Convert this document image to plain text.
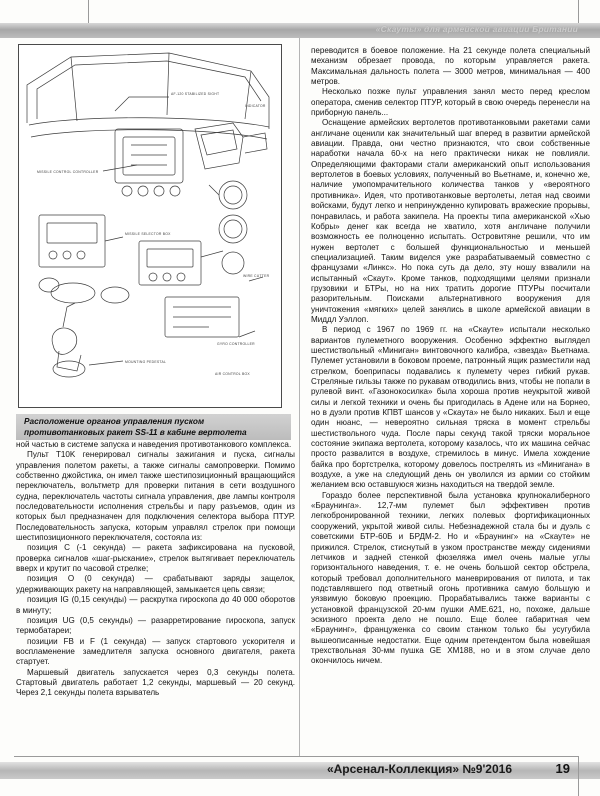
«Скауты» для армейской авиации Британии
AF-120 STABILIZED SIGHT
MISSILE CONTROL CONTROLLER
MISSILE SELECTOR BOX
INDICATOR
WIRE CUTTER
GYRO CONTROLLER
AIR CONTROL BOX
MOUNTING PEDESTAL
Расположение органов управления пуском
противотанковых ракет SS-11 в кабине вертолета

ной частью в системе запуска и наведения противотанкового комплекса.

Пульт T10K генерировал сигналы зажигания и пуска, сигналы управления полетом ракеты, а также сигналы самопроверки. Помимо собственно джойстика, он имел также шестипозиционный вращающийся переключатель, вольтметр для проверки питания в сети воздушного судна, переключатель частоты сигнала управления, две лампы контроля последовательности исполнения стрельбы и пару разъемов, один из которых был предназначен для подключения селектора выбора ПТУР. Последовательность запуска, которым управлял стрелок при помощи шестипозиционного переключателя, состояла из:

позиция C (-1 секунда) — ракета зафиксирована на пусковой, проверка сигналов «шаг-рыскание», стрелок вытягивает переключатель вверх и крутит по часовой стрелке;

позиция O (0 секунда) — срабатывают заряды защелок, удерживающих ракету на направляющей, замыкается цепь связи;

позиция IG (0,15 секунды) — раскрутка гироскопа до 40 000 оборотов в минуту;

позиция UG (0,5 секунды) — разарретирование гироскопа, запуск термобатареи;

позиции FB и F (1 секунда) — запуск стартового ускорителя и воспламенение замедлителя запуска основного двигателя, ракета стартует.

Маршевый двигатель запускается через 0,3 секунды полета. Стартовый двигатель работает 1,2 секунды, маршевый — 20 секунд. Через 2,1 секунды полета взрыватель

переводится в боевое положение. На 21 секунде полета специальный механизм обрезает провода, по которым управляется ракета. Максимальная дальность полета — 3000 метров, минимальная — 400 метров.

Несколько позже пульт управления занял место перед креслом оператора, сменив селектор ПТУР, который в свою очередь перенесли на приборную панель...

Оснащение армейских вертолетов противотанковыми ракетами сами англичане оценили как значительный шаг вперед в развитии армейской авиации. Правда, они честно признаются, что свои собственные наработки начала 60-х на него практически никак не повлияли. Определяющими факторами стали американский опыт использования вертолетов в боевых условиях, полученный во Вьетнаме, и, конечно же, наличие умопомрачительного количества танков у «вероятного противника». Идея, что противотанковые вертолеты, летая над своими войсками, будут легко и непринужденно купировать вражеские прорывы, понравилась, и работа закипела. На проекты типа американской «Хью Кобры» денег как всегда не хватило, хотя англичане получили возможность ее полноценно испытать. Островитяне решили, что им нужен вертолет с большей функциональностью и меньшей специализацией. Таким виделся уже разрабатываемый совместно с французами «Линкс». Но пока суть да дело, эту ношу взвалили на испытанный «Скаут». Кроме танков, подходящими целями признали грузовики и БТРы, но на них тратить дорогие ПТУРы посчитали разорительным. Поисками альтернативного вооружения для уничтожения «мягких» целей занялись в школе армейской авиации в Миддл Уэллоп.

В период с 1967 по 1969 гг. на «Скауте» испытали несколько вариантов пулеметного вооружения. Особенно эффектно выглядел шестиствольный «Миниган» винтовочного калибра, «звезда» Вьетнама. Пулемет установили в боковом проеме, патронный ящик разместили над стрелком, боеприпасы подавались к пулемету через гибкий рукав. Стреляные гильзы также по рукавам отводились вниз, чтобы не попали в рулевой винт. «Газонокосилка» была хороша против неукрытой живой силы и легкой техники и очень бы пригодилась в Адене или на Борнео, но в дуэли против КПВТ шансов у «Скаута» не было никаких. Был и еще один нюанс, — невероятно сильная тряска в момент стрельбы шестиствольного чуда. После пары секунд такой тряски моральное состояние экипажа вертолета, которому казалось, что их машина сейчас просто развалится в воздухе, стремилось в минус. Имела хождение байка про бортстрелка, которому довелось пострелять из «Минигана» в воздухе, а уже на следующий день он уволился из армии со стойким желанием всю оставшуюся жизнь находиться на твердой земле.

Гораздо более перспективной была установка крупнокалиберного «Браунинга». 12,7-мм пулемет был эффективен против легкобронированной техники, легких полевых фортификационных сооружений, укрытой живой силы. Небезнадежной стала бы и дуэль с советскими БТР-60Б и БРДМ-2. Но и «Браунинг» на «Скауте» не прижился. Стрелок, стиснутый в узком пространстве между сидениями летчиков и задней стенкой фюзеляжа имел очень малые углы горизонтального наведения, т. е. не очень большой сектор обстрела, который требовал дополнительного маневрирования от пилота, и так подставлявшего под ответный огонь противника самую большую и уязвимую боковую проекцию. Прорабатывались также варианты с установкой французской 20-мм пушки AME.621, но, похоже, дальше эскизного проекта дело не пошло. Еще более габаритная чем «Браунинг», француженка со своим станком только бы усугубила вышеописанные недостатки. Еще одним претендентом была новейшая трехствольная 30-мм пушка GE XM188, но и в этом случае дело окончилось ничем.

«Арсенал-Коллекция» №9'2016	19
